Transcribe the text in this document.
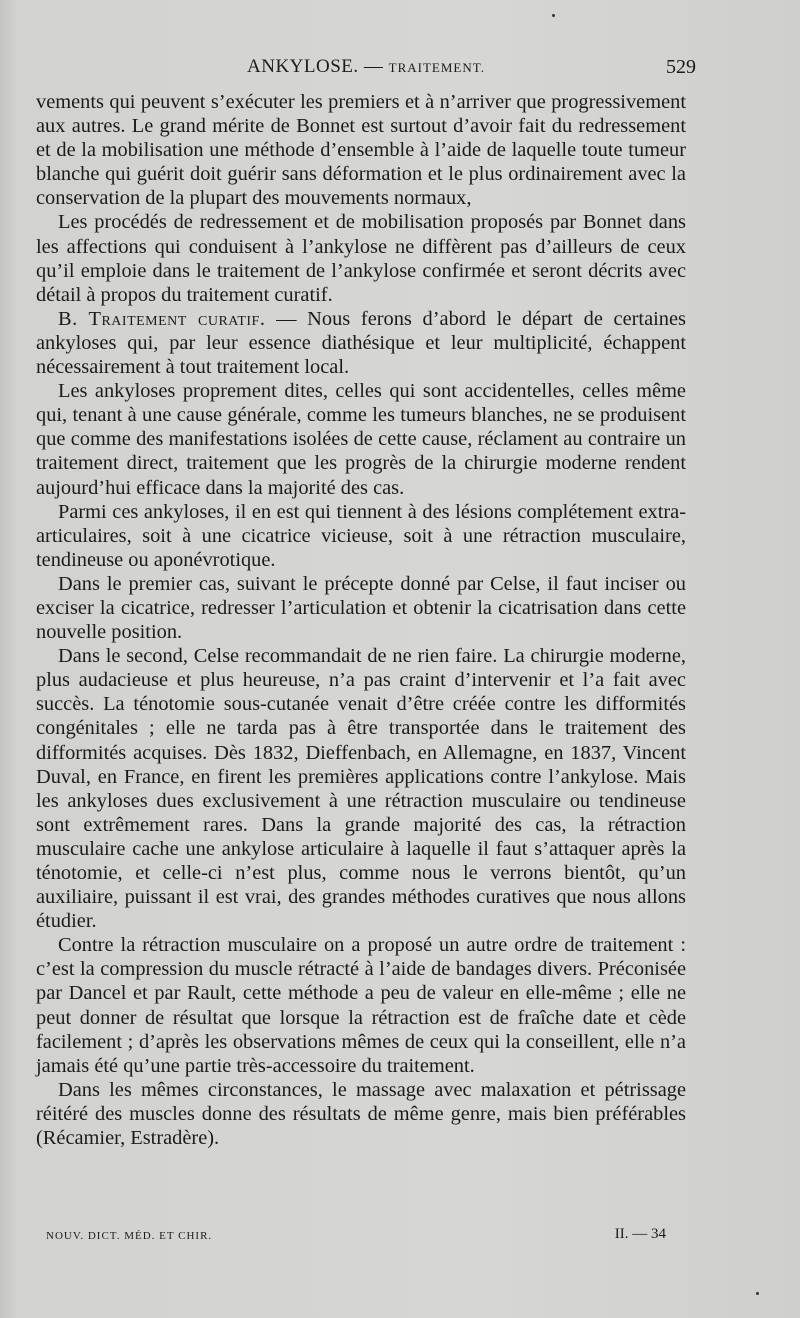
ANKYLOSE. — TRAITEMENT.	529

vements qui peuvent s’exécuter les premiers et à n’arriver que progressivement aux autres. Le grand mérite de Bonnet est surtout d’avoir fait du redressement et de la mobilisation une méthode d’ensemble à l’aide de laquelle toute tumeur blanche qui guérit doit guérir sans déformation et le plus ordinairement avec la conservation de la plupart des mouvements normaux,

Les procédés de redressement et de mobilisation proposés par Bonnet dans les affections qui conduisent à l’ankylose ne diffèrent pas d’ailleurs de ceux qu’il emploie dans le traitement de l’ankylose confirmée et seront décrits avec détail à propos du traitement curatif.

B. Traitement curatif. — Nous ferons d’abord le départ de certaines ankyloses qui, par leur essence diathésique et leur multiplicité, échappent nécessairement à tout traitement local.

Les ankyloses proprement dites, celles qui sont accidentelles, celles même qui, tenant à une cause générale, comme les tumeurs blanches, ne se produisent que comme des manifestations isolées de cette cause, réclament au contraire un traitement direct, traitement que les progrès de la chirurgie moderne rendent aujourd’hui efficace dans la majorité des cas.

Parmi ces ankyloses, il en est qui tiennent à des lésions complétement extra-articulaires, soit à une cicatrice vicieuse, soit à une rétraction musculaire, tendineuse ou aponévrotique.

Dans le premier cas, suivant le précepte donné par Celse, il faut inciser ou exciser la cicatrice, redresser l’articulation et obtenir la cicatrisation dans cette nouvelle position.

Dans le second, Celse recommandait de ne rien faire. La chirurgie moderne, plus audacieuse et plus heureuse, n’a pas craint d’intervenir et l’a fait avec succès. La ténotomie sous-cutanée venait d’être créée contre les difformités congénitales ; elle ne tarda pas à être transportée dans le traitement des difformités acquises. Dès 1832, Dieffenbach, en Allemagne, en 1837, Vincent Duval, en France, en firent les premières applications contre l’ankylose. Mais les ankyloses dues exclusivement à une rétraction musculaire ou tendineuse sont extrêmement rares. Dans la grande majorité des cas, la rétraction musculaire cache une ankylose articulaire à laquelle il faut s’attaquer après la ténotomie, et celle-ci n’est plus, comme nous le verrons bientôt, qu’un auxiliaire, puissant il est vrai, des grandes méthodes curatives que nous allons étudier.

Contre la rétraction musculaire on a proposé un autre ordre de traitement : c’est la compression du muscle rétracté à l’aide de bandages divers. Préconisée par Dancel et par Rault, cette méthode a peu de valeur en elle-même ; elle ne peut donner de résultat que lorsque la rétraction est de fraîche date et cède facilement ; d’après les observations mêmes de ceux qui la conseillent, elle n’a jamais été qu’une partie très-accessoire du traitement.

Dans les mêmes circonstances, le massage avec malaxation et pétrissage réitéré des muscles donne des résultats de même genre, mais bien préférables (Récamier, Estradère).

NOUV. DICT. MÉD. ET CHIR.	II. — 34
